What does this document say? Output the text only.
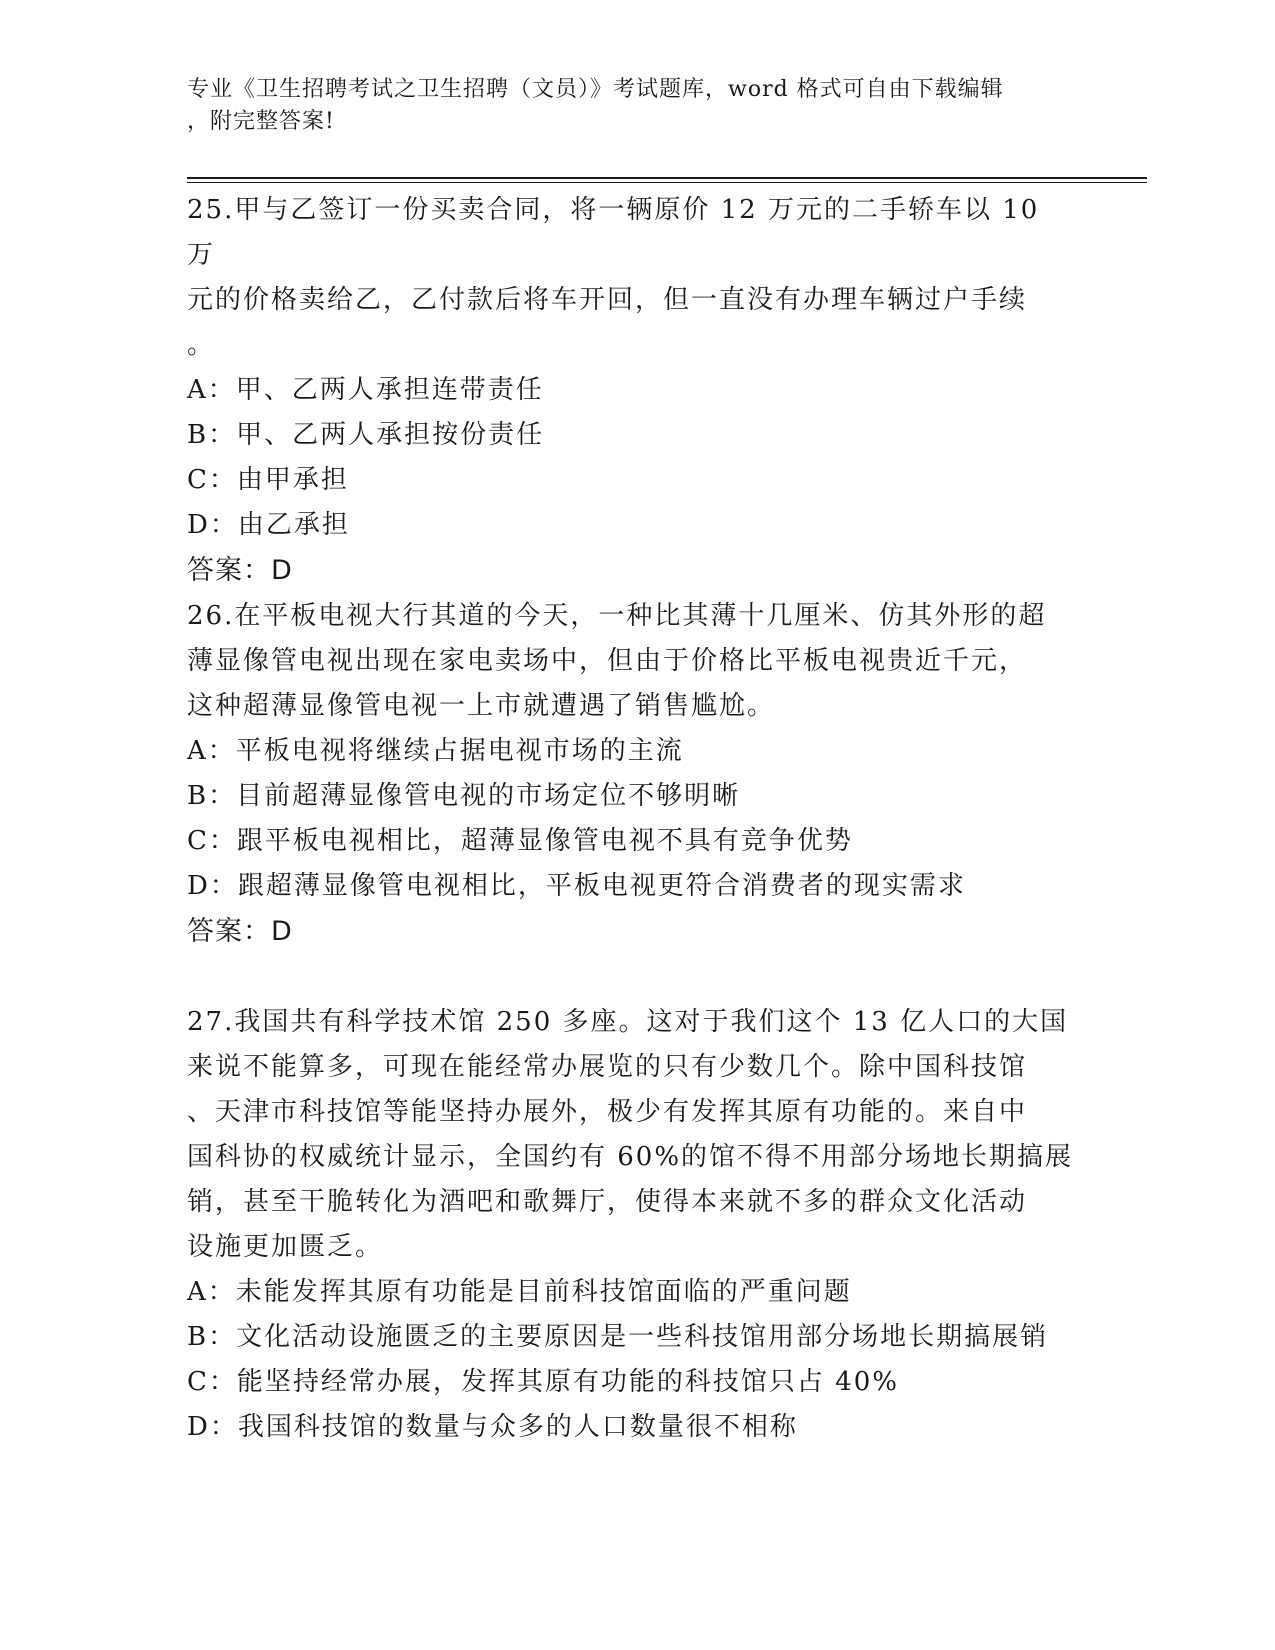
专业《卫生招聘考试之卫生招聘（文员）》考试题库，word 格式可自由下载编辑
，附完整答案!

25.甲与乙签订一份买卖合同，将一辆原价 12 万元的二手轿车以 10 万

元的价格卖给乙，乙付款后将车开回，但一直没有办理车辆过户手续

。

A：甲、乙两人承担连带责任

B：甲、乙两人承担按份责任

C：由甲承担

D：由乙承担

答案：D

26.在平板电视大行其道的今天，一种比其薄十几厘米、仿其外形的超

薄显像管电视出现在家电卖场中，但由于价格比平板电视贵近千元，

这种超薄显像管电视一上市就遭遇了销售尴尬。

A：平板电视将继续占据电视市场的主流

B：目前超薄显像管电视的市场定位不够明晰

C：跟平板电视相比，超薄显像管电视不具有竞争优势

D：跟超薄显像管电视相比，平板电视更符合消费者的现实需求

答案：D

27.我国共有科学技术馆 250 多座。这对于我们这个 13 亿人口的大国

来说不能算多，可现在能经常办展览的只有少数几个。除中国科技馆

、天津市科技馆等能坚持办展外，极少有发挥其原有功能的。来自中

国科协的权威统计显示，全国约有 60%的馆不得不用部分场地长期搞展

销，甚至干脆转化为酒吧和歌舞厅，使得本来就不多的群众文化活动

设施更加匮乏。

A：未能发挥其原有功能是目前科技馆面临的严重问题

B：文化活动设施匮乏的主要原因是一些科技馆用部分场地长期搞展销

C：能坚持经常办展，发挥其原有功能的科技馆只占 40%

D：我国科技馆的数量与众多的人口数量很不相称
